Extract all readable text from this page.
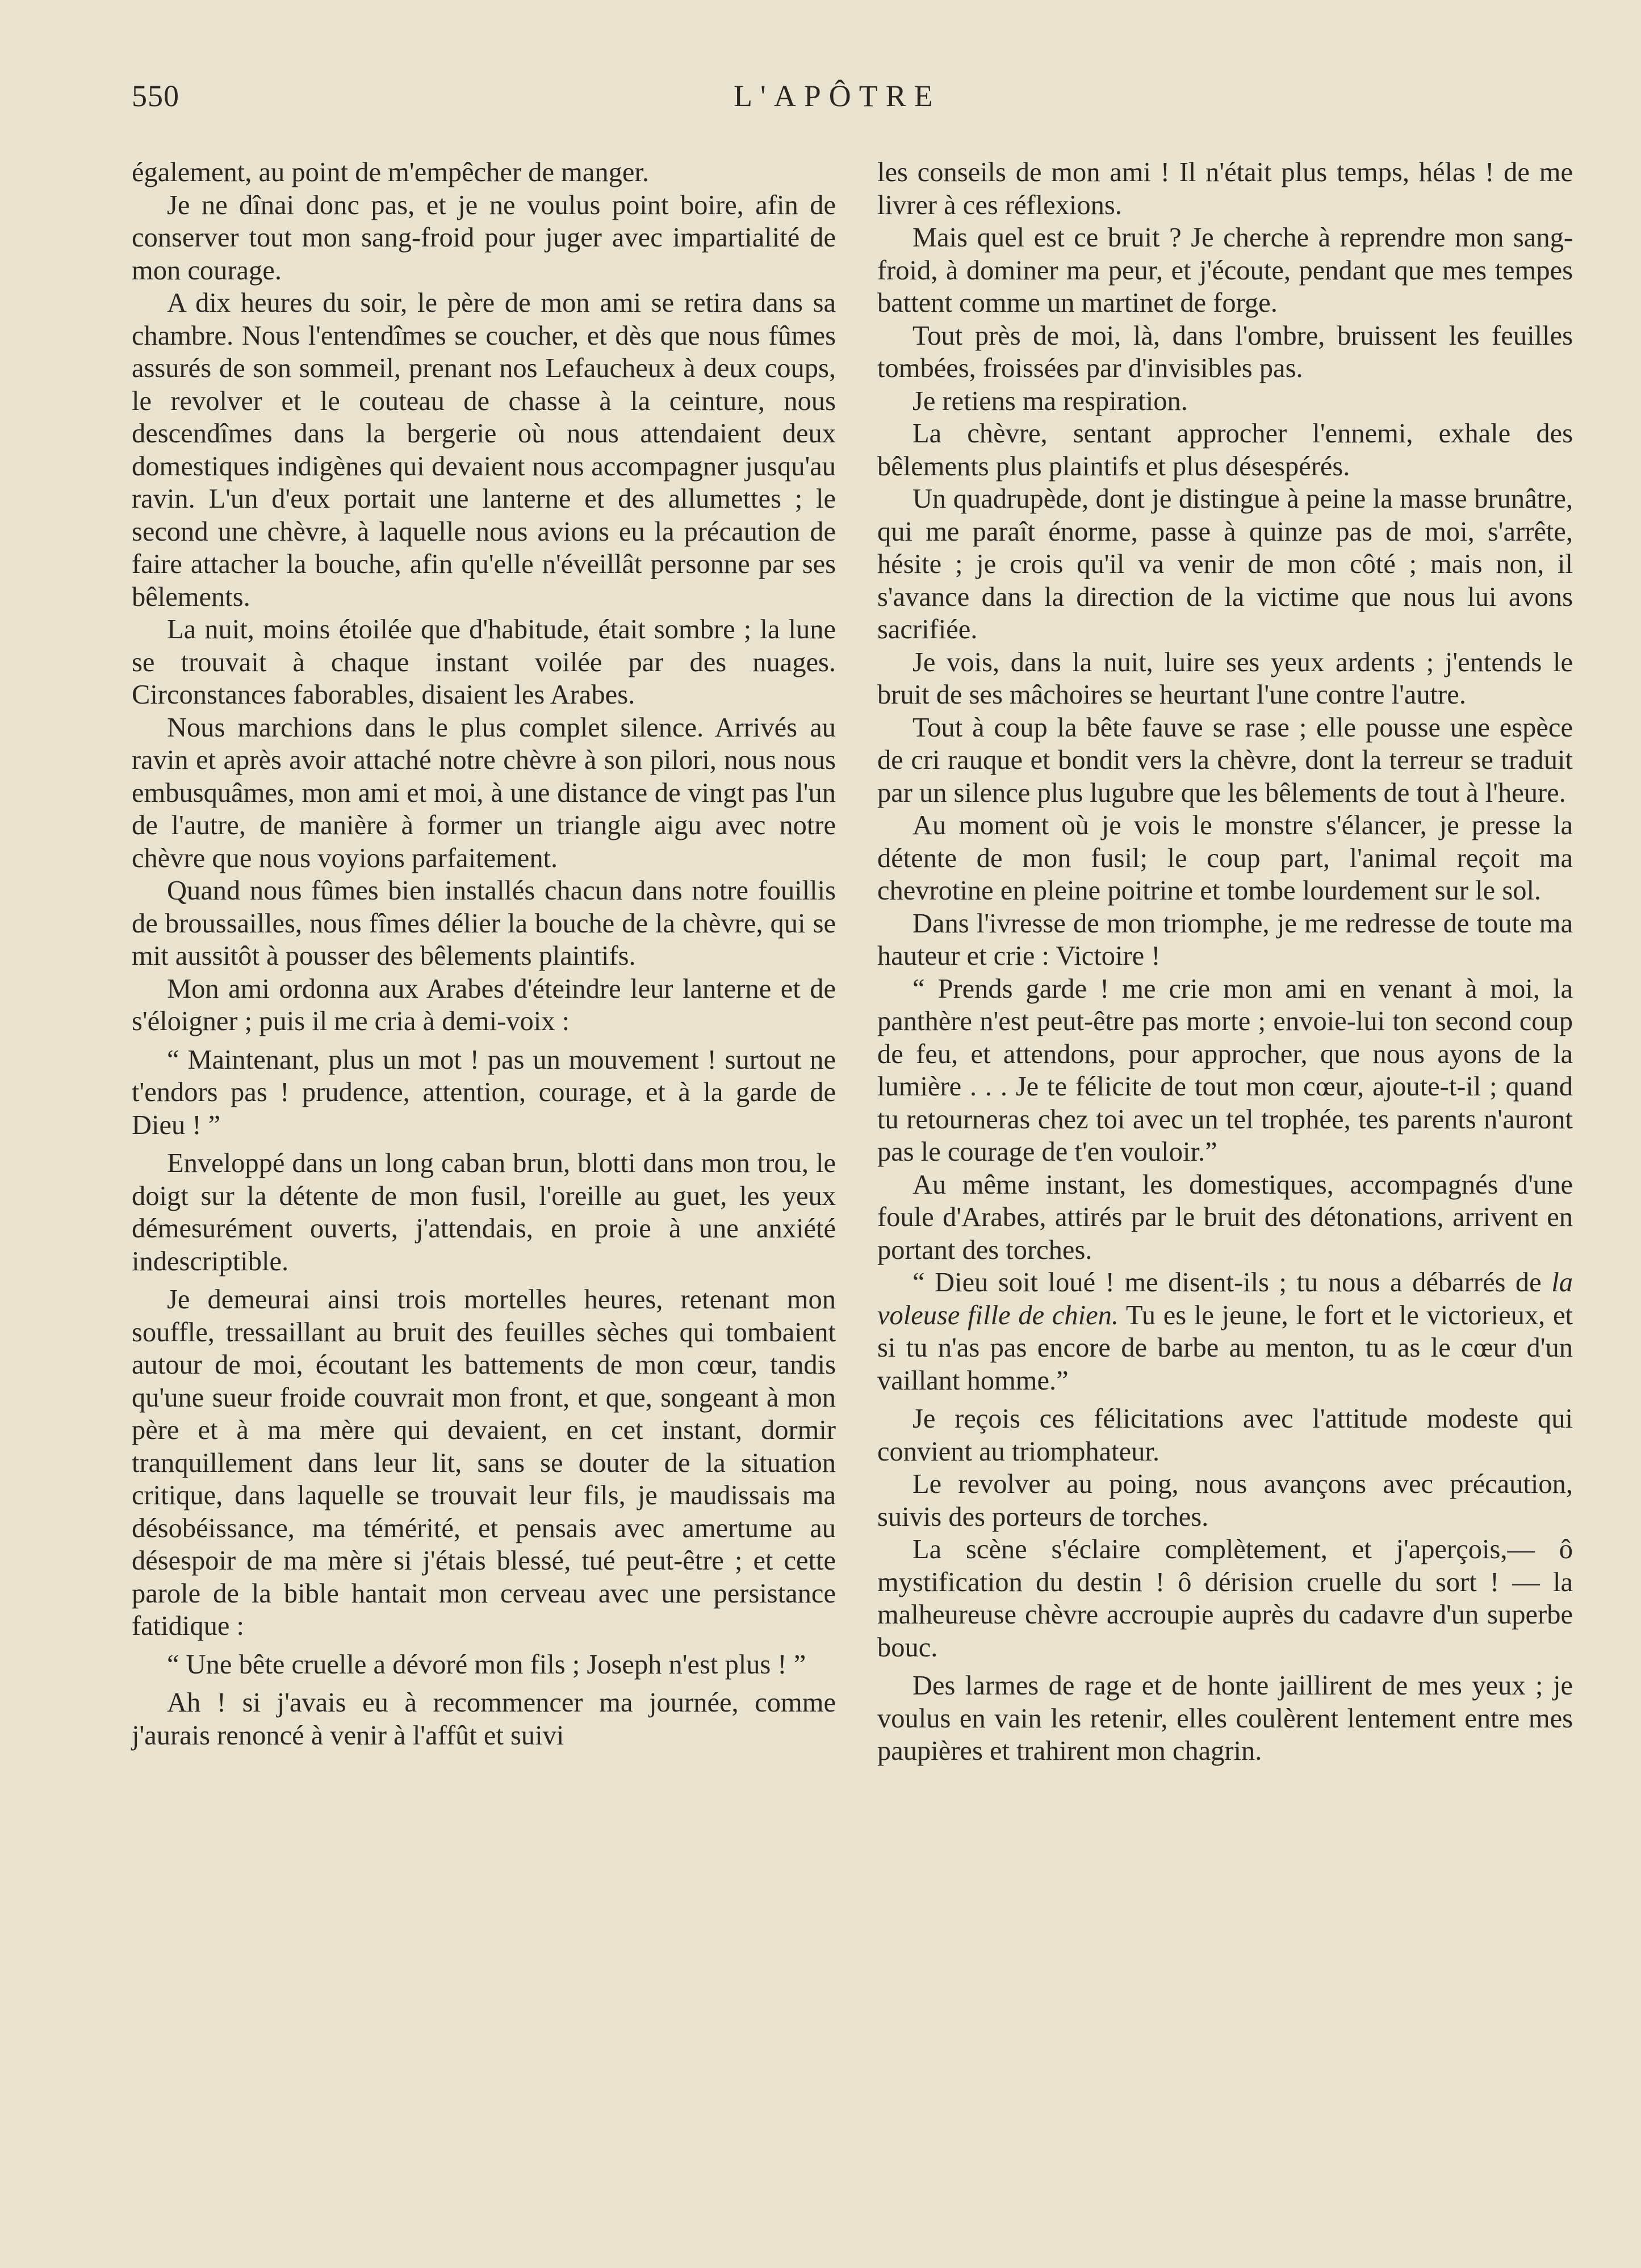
550	L'APÔTRE

également, au point de m'empêcher de manger.

Je ne dînai donc pas, et je ne voulus point boire, afin de conserver tout mon sang-froid pour juger avec impartialité de mon courage.

A dix heures du soir, le père de mon ami se retira dans sa chambre. Nous l'entendîmes se coucher, et dès que nous fûmes assurés de son sommeil, prenant nos Lefaucheux à deux coups, le revolver et le couteau de chasse à la ceinture, nous descendîmes dans la bergerie où nous attendaient deux domestiques indigènes qui devaient nous accompagner jusqu'au ravin. L'un d'eux portait une lanterne et des allumettes ; le second une chèvre, à laquelle nous avions eu la précaution de faire attacher la bouche, afin qu'elle n'éveillât personne par ses bêlements.

La nuit, moins étoilée que d'habitude, était sombre ; la lune se trouvait à chaque instant voilée par des nuages. Circonstances faborables, disaient les Arabes.

Nous marchions dans le plus complet silence. Arrivés au ravin et après avoir attaché notre chèvre à son pilori, nous nous embusquâmes, mon ami et moi, à une distance de vingt pas l'un de l'autre, de manière à former un triangle aigu avec notre chèvre que nous voyions parfaitement.

Quand nous fûmes bien installés chacun dans notre fouillis de broussailles, nous fîmes délier la bouche de la chèvre, qui se mit aussitôt à pousser des bêlements plaintifs.

Mon ami ordonna aux Arabes d'éteindre leur lanterne et de s'éloigner ; puis il me cria à demi-voix :

“ Maintenant, plus un mot ! pas un mouvement ! surtout ne t'endors pas ! prudence, attention, courage, et à la garde de Dieu ! ”

Enveloppé dans un long caban brun, blotti dans mon trou, le doigt sur la détente de mon fusil, l'oreille au guet, les yeux démesurément ouverts, j'attendais, en proie à une anxiété indescriptible.

Je demeurai ainsi trois mortelles heures, retenant mon souffle, tressaillant au bruit des feuilles sèches qui tombaient autour de moi, écoutant les battements de mon cœur, tandis qu'une sueur froide couvrait mon front, et que, songeant à mon père et à ma mère qui devaient, en cet instant, dormir tranquillement dans leur lit, sans se douter de la situation critique, dans laquelle se trouvait leur fils, je maudissais ma désobéissance, ma témérité, et pensais avec amertume au désespoir de ma mère si j'étais blessé, tué peut-être ; et cette parole de la bible hantait mon cerveau avec une persistance fatidique :

“ Une bête cruelle a dévoré mon fils ; Joseph n'est plus ! ”

Ah ! si j'avais eu à recommencer ma journée, comme j'aurais renoncé à venir à l'affût et suivi

les conseils de mon ami ! Il n'était plus temps, hélas ! de me livrer à ces réflexions.

Mais quel est ce bruit ? Je cherche à reprendre mon sang-froid, à dominer ma peur, et j'écoute, pendant que mes tempes battent comme un martinet de forge.

Tout près de moi, là, dans l'ombre, bruissent les feuilles tombées, froissées par d'invisibles pas.

Je retiens ma respiration.

La chèvre, sentant approcher l'ennemi, exhale des bêlements plus plaintifs et plus désespérés.

Un quadrupède, dont je distingue à peine la masse brunâtre, qui me paraît énorme, passe à quinze pas de moi, s'arrête, hésite ; je crois qu'il va venir de mon côté ; mais non, il s'avance dans la direction de la victime que nous lui avons sacrifiée.

Je vois, dans la nuit, luire ses yeux ardents ; j'entends le bruit de ses mâchoires se heurtant l'une contre l'autre.

Tout à coup la bête fauve se rase ; elle pousse une espèce de cri rauque et bondit vers la chèvre, dont la terreur se traduit par un silence plus lugubre que les bêlements de tout à l'heure.

Au moment où je vois le monstre s'élancer, je presse la détente de mon fusil; le coup part, l'animal reçoit ma chevrotine en pleine poitrine et tombe lourdement sur le sol.

Dans l'ivresse de mon triomphe, je me redresse de toute ma hauteur et crie : Victoire !

“ Prends garde ! me crie mon ami en venant à moi, la panthère n'est peut-être pas morte ; envoie-lui ton second coup de feu, et attendons, pour approcher, que nous ayons de la lumière . . . Je te félicite de tout mon cœur, ajoute-t-il ; quand tu retourneras chez toi avec un tel trophée, tes parents n'auront pas le courage de t'en vouloir.”

Au même instant, les domestiques, accompagnés d'une foule d'Arabes, attirés par le bruit des détonations, arrivent en portant des torches.

“ Dieu soit loué ! me disent-ils ; tu nous a débarrés de la voleuse fille de chien. Tu es le jeune, le fort et le victorieux, et si tu n'as pas encore de barbe au menton, tu as le cœur d'un vaillant homme.”

Je reçois ces félicitations avec l'attitude modeste qui convient au triomphateur.

Le revolver au poing, nous avançons avec précaution, suivis des porteurs de torches.

La scène s'éclaire complètement, et j'aperçois,— ô mystification du destin ! ô dérision cruelle du sort ! — la malheureuse chèvre accroupie auprès du cadavre d'un superbe bouc.

Des larmes de rage et de honte jaillirent de mes yeux ; je voulus en vain les retenir, elles coulèrent lentement entre mes paupières et trahirent mon chagrin.
